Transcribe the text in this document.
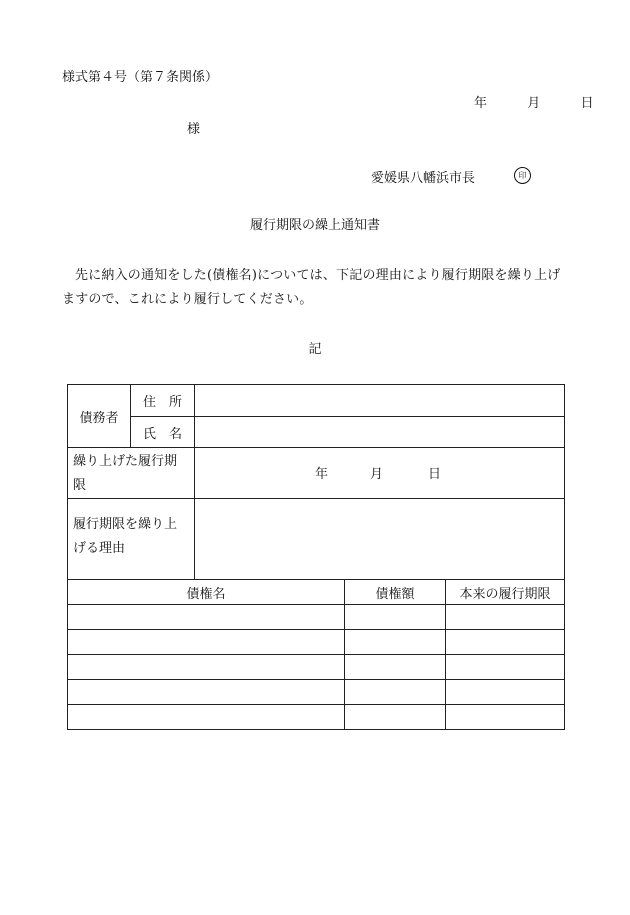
様式第４号（第７条関係）
年	月	日
様
愛媛県八幡浜市長	印
履行期限の繰上通知書
先に納入の通知をした(債権名)については、下記の理由により履行期限を繰り上げますので、これにより履行してください。
記
債務者	住　所			
	氏　名			
繰り上げた履行期限		年 月 日		

履行期限を繰り上げる理由				
債権名			債権額	本来の履行期限
